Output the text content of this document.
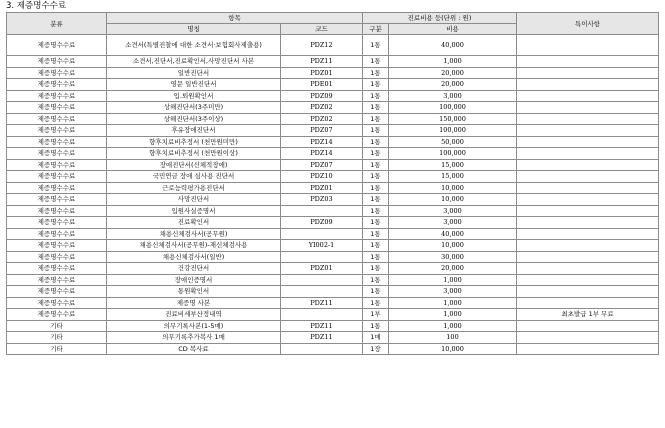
3. 제증명수수료
분류	항목		진료비용 등(단위 : 원)		특이사항
	명칭	코드	구분	비용	
제증명수수료	소견서(특별진찰에 대한 소견서·보험회사제출용)	PDZ12	1통	40,000	
제증명수수료	소견서,진단서,진료확인서,사망진단서 사본	PDZ11	1통	1,000	
제증명수수료	일반진단서	PDZ01	1통	20,000	
제증명수수료	영문 일반진단서	PDE01	1통	20,000	
제증명수수료	입.퇴원확인서	PDZ09	1통	3,000	
제증명수수료	상해진단서(3주미만)	PDZ02	1통	100,000	
제증명수수료	상해진단서(3주이상)	PDZ02	1통	150,000	
제증명수수료	후유장애진단서	PDZ07	1통	100,000	
제증명수수료	향후치료비추정서 (천만원미만)	PDZ14	1통	50,000	
제증명수수료	향후치료비추정서 (천만원이상)	PDZ14	1통	100,000	
제증명수수료	장애진단서(신체적장애)	PDZ07	1통	15,000	
제증명수수료	국민연금 장애 심사용 진단서	PDZ10	1통	15,000	
제증명수수료	근로능력평가용진단서	PDZ01	1통	10,000	
제증명수수료	사망진단서	PDZ03	1통	10,000	
제증명수수료	입원사실증명서		1통	3,000	
제증명수수료	진료확인서	PDZ09	1통	3,000	
제증명수수료	채용신체검사서(공무원)		1통	40,000	
제증명수수료	채용신체검사서(공무원)-재신체검사용	YI002-1	1통	10,000	
제증명수수료	채용신체검사서(일반)		1통	30,000	
제증명수수료	건강진단서	PDZ01	1통	20,000	
제증명수수료	장애인증명서		1통	1,000	
제증명수수료	통원확인서		1통	3,000	
제증명수수료	제증명 사본	PDZ11	1통	1,000	
제증명수수료	진료비세부산정내역		1부	1,000	최초발급 1부 무료
기타	의무기록사본(1-5매)	PDZ11	1통	1,000	
기타	의무기록추가복사 1매	PDZ11	1매	100	
기타	CD 복사료		1장	10,000	
